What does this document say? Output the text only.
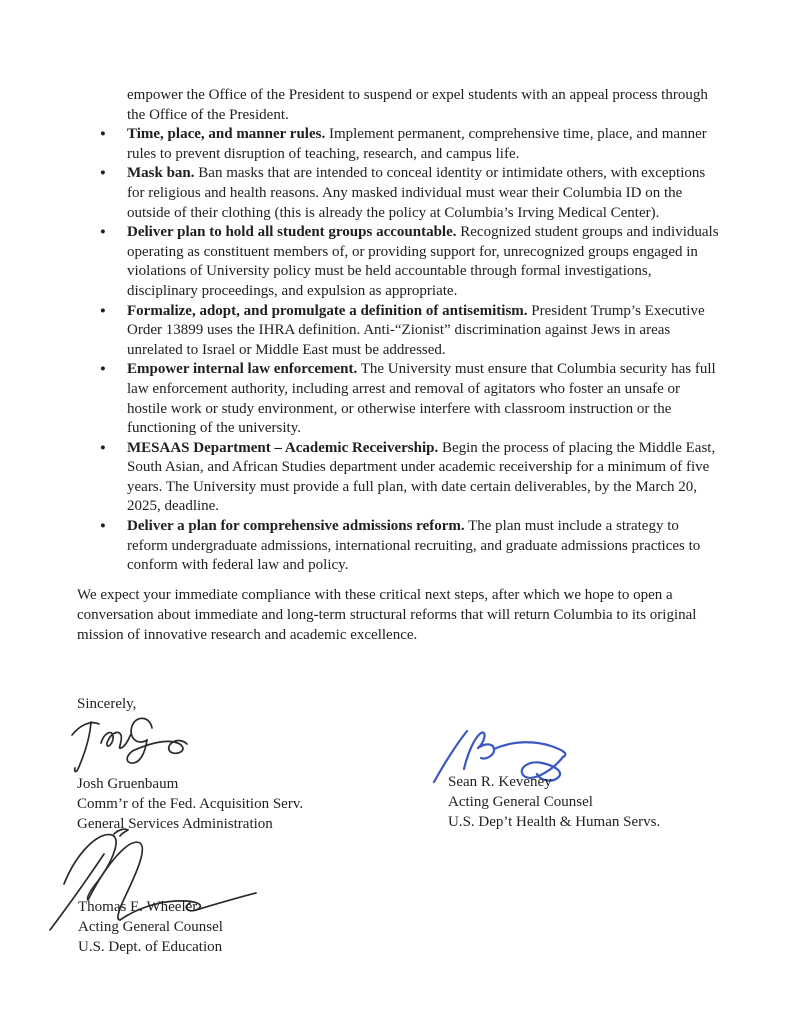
empower the Office of the President to suspend or expel students with an appeal process through the Office of the President.

● Time, place, and manner rules. Implement permanent, comprehensive time, place, and manner rules to prevent disruption of teaching, research, and campus life.
● Mask ban. Ban masks that are intended to conceal identity or intimidate others, with exceptions for religious and health reasons. Any masked individual must wear their Columbia ID on the outside of their clothing (this is already the policy at Columbia’s Irving Medical Center).
● Deliver plan to hold all student groups accountable. Recognized student groups and individuals operating as constituent members of, or providing support for, unrecognized groups engaged in violations of University policy must be held accountable through formal investigations, disciplinary proceedings, and expulsion as appropriate.
● Formalize, adopt, and promulgate a definition of antisemitism. President Trump’s Executive Order 13899 uses the IHRA definition. Anti-“Zionist” discrimination against Jews in areas unrelated to Israel or Middle East must be addressed.
● Empower internal law enforcement. The University must ensure that Columbia security has full law enforcement authority, including arrest and removal of agitators who foster an unsafe or hostile work or study environment, or otherwise interfere with classroom instruction or the functioning of the university.
● MESAAS Department – Academic Receivership. Begin the process of placing the Middle East, South Asian, and African Studies department under academic receivership for a minimum of five years. The University must provide a full plan, with date certain deliverables, by the March 20, 2025, deadline.
● Deliver a plan for comprehensive admissions reform. The plan must include a strategy to reform undergraduate admissions, international recruiting, and graduate admissions practices to conform with federal law and policy.

We expect your immediate compliance with these critical next steps, after which we hope to open a conversation about immediate and long-term structural reforms that will return Columbia to its original mission of innovative research and academic excellence.

Sincerely,
Josh Gruenbaum
Comm’r of the Fed. Acquisition Serv.
General Services Administration
Sean R. Keveney
Acting General Counsel
U.S. Dep’t Health & Human Servs.
Thomas E. Wheeler
Acting General Counsel
U.S. Dept. of Education
